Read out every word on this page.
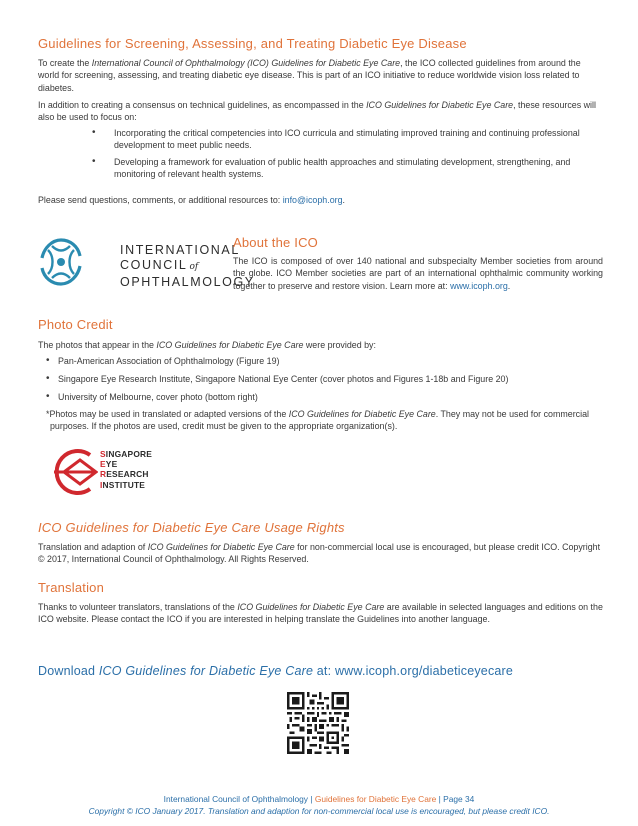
Guidelines for Screening, Assessing, and Treating Diabetic Eye Disease

To create the International Council of Ophthalmology (ICO) Guidelines for Diabetic Eye Care, the ICO collected guidelines from around the world for screening, assessing, and treating diabetic eye disease. This is part of an ICO initiative to reduce worldwide vision loss related to diabetes.

In addition to creating a consensus on technical guidelines, as encompassed in the ICO Guidelines for Diabetic Eye Care, these resources will also be used to focus on:

• Incorporating the critical competencies into ICO curricula and stimulating improved training and continuing professional development to meet public needs.
• Developing a framework for evaluation of public health approaches and stimulating development, strengthening, and monitoring of relevant health systems.

Please send questions, comments, or additional resources to: info@icoph.org.

INTERNATIONAL
COUNCIL of
OPHTHALMOLOGY
About the ICO

The ICO is composed of over 140 national and subspecialty Member societies from around the globe. ICO Member societies are part of an international ophthalmic community working together to preserve and restore vision. Learn more at: www.icoph.org.

Photo Credit

The photos that appear in the ICO Guidelines for Diabetic Eye Care were provided by:

• Pan-American Association of Ophthalmology (Figure 19)
• Singapore Eye Research Institute, Singapore National Eye Center (cover photos and Figures 1-18b and Figure 20)
• University of Melbourne, cover photo (bottom right)

*Photos may be used in translated or adapted versions of the ICO Guidelines for Diabetic Eye Care. They may not be used for commercial purposes. If the photos are used, credit must be given to the appropriate organization(s).

SINGAPORE
EYE
RESEARCH
INSTITUTE
ICO Guidelines for Diabetic Eye Care Usage Rights

Translation and adaption of ICO Guidelines for Diabetic Eye Care for non-commercial local use is encouraged, but please credit ICO. Copyright © 2017, International Council of Ophthalmology. All Rights Reserved.

Translation

Thanks to volunteer translators, translations of the ICO Guidelines for Diabetic Eye Care are available in selected languages and editions on the ICO website. Please contact the ICO if you are interested in helping translate the Guidelines into another language.

Download ICO Guidelines for Diabetic Eye Care at: www.icoph.org/diabeticeyecare
International Council of Ophthalmology | Guidelines for Diabetic Eye Care | Page 34
Copyright © ICO January 2017. Translation and adaption for non-commercial local use is encouraged, but please credit ICO.
